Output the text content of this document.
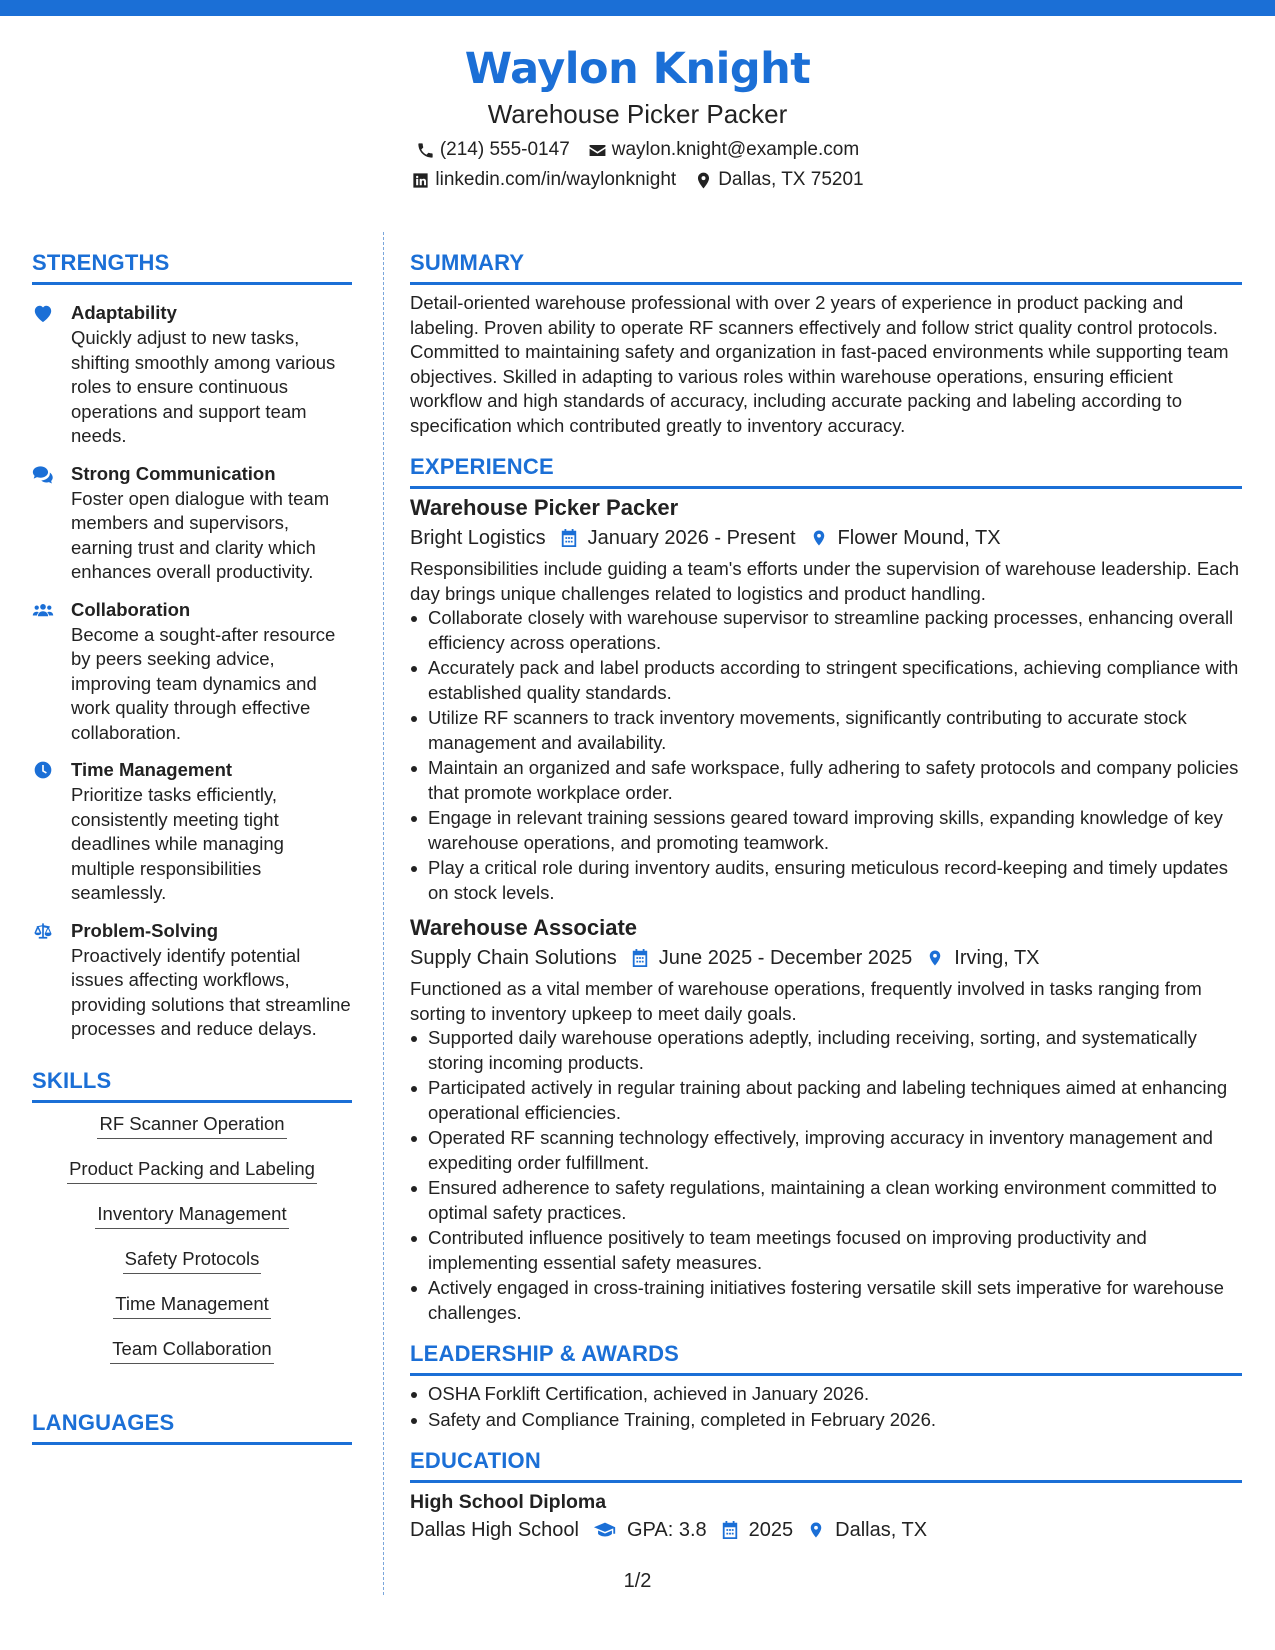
Waylon Knight
Warehouse Picker Packer
(214) 555-0147 waylon.knight@example.com
linkedin.com/in/waylonknight Dallas, TX 75201
STRENGTHS
Adaptability
Quickly adjust to new tasks, shifting smoothly among various roles to ensure continuous operations and support team needs.
Strong Communication
Foster open dialogue with team members and supervisors, earning trust and clarity which enhances overall productivity.
Collaboration
Become a sought-after resource by peers seeking advice, improving team dynamics and work quality through effective collaboration.
Time Management
Prioritize tasks efficiently, consistently meeting tight deadlines while managing multiple responsibilities seamlessly.
Problem-Solving
Proactively identify potential issues affecting workflows, providing solutions that streamline processes and reduce delays.
SKILLS
RF Scanner Operation
Product Packing and Labeling
Inventory Management
Safety Protocols
Time Management
Team Collaboration
LANGUAGES
SUMMARY
Detail-oriented warehouse professional with over 2 years of experience in product packing and labeling. Proven ability to operate RF scanners effectively and follow strict quality control protocols. Committed to maintaining safety and organization in fast-paced environments while supporting team objectives. Skilled in adapting to various roles within warehouse operations, ensuring efficient workflow and high standards of accuracy, including accurate packing and labeling according to specification which contributed greatly to inventory accuracy.
EXPERIENCE
Warehouse Picker Packer
Bright Logistics January 2026 - Present Flower Mound, TX
Responsibilities include guiding a team's efforts under the supervision of warehouse leadership. Each day brings unique challenges related to logistics and product handling.
Collaborate closely with warehouse supervisor to streamline packing processes, enhancing overall efficiency across operations.
Accurately pack and label products according to stringent specifications, achieving compliance with established quality standards.
Utilize RF scanners to track inventory movements, significantly contributing to accurate stock management and availability.
Maintain an organized and safe workspace, fully adhering to safety protocols and company policies that promote workplace order.
Engage in relevant training sessions geared toward improving skills, expanding knowledge of key warehouse operations, and promoting teamwork.
Play a critical role during inventory audits, ensuring meticulous record-keeping and timely updates on stock levels.
Warehouse Associate
Supply Chain Solutions June 2025 - December 2025 Irving, TX
Functioned as a vital member of warehouse operations, frequently involved in tasks ranging from sorting to inventory upkeep to meet daily goals.
Supported daily warehouse operations adeptly, including receiving, sorting, and systematically storing incoming products.
Participated actively in regular training about packing and labeling techniques aimed at enhancing operational efficiencies.
Operated RF scanning technology effectively, improving accuracy in inventory management and expediting order fulfillment.
Ensured adherence to safety regulations, maintaining a clean working environment committed to optimal safety practices.
Contributed influence positively to team meetings focused on improving productivity and implementing essential safety measures.
Actively engaged in cross-training initiatives fostering versatile skill sets imperative for warehouse challenges.
LEADERSHIP & AWARDS
OSHA Forklift Certification, achieved in January 2026.
Safety and Compliance Training, completed in February 2026.
EDUCATION
High School Diploma
Dallas High School GPA: 3.8 2025 Dallas, TX
1/2
